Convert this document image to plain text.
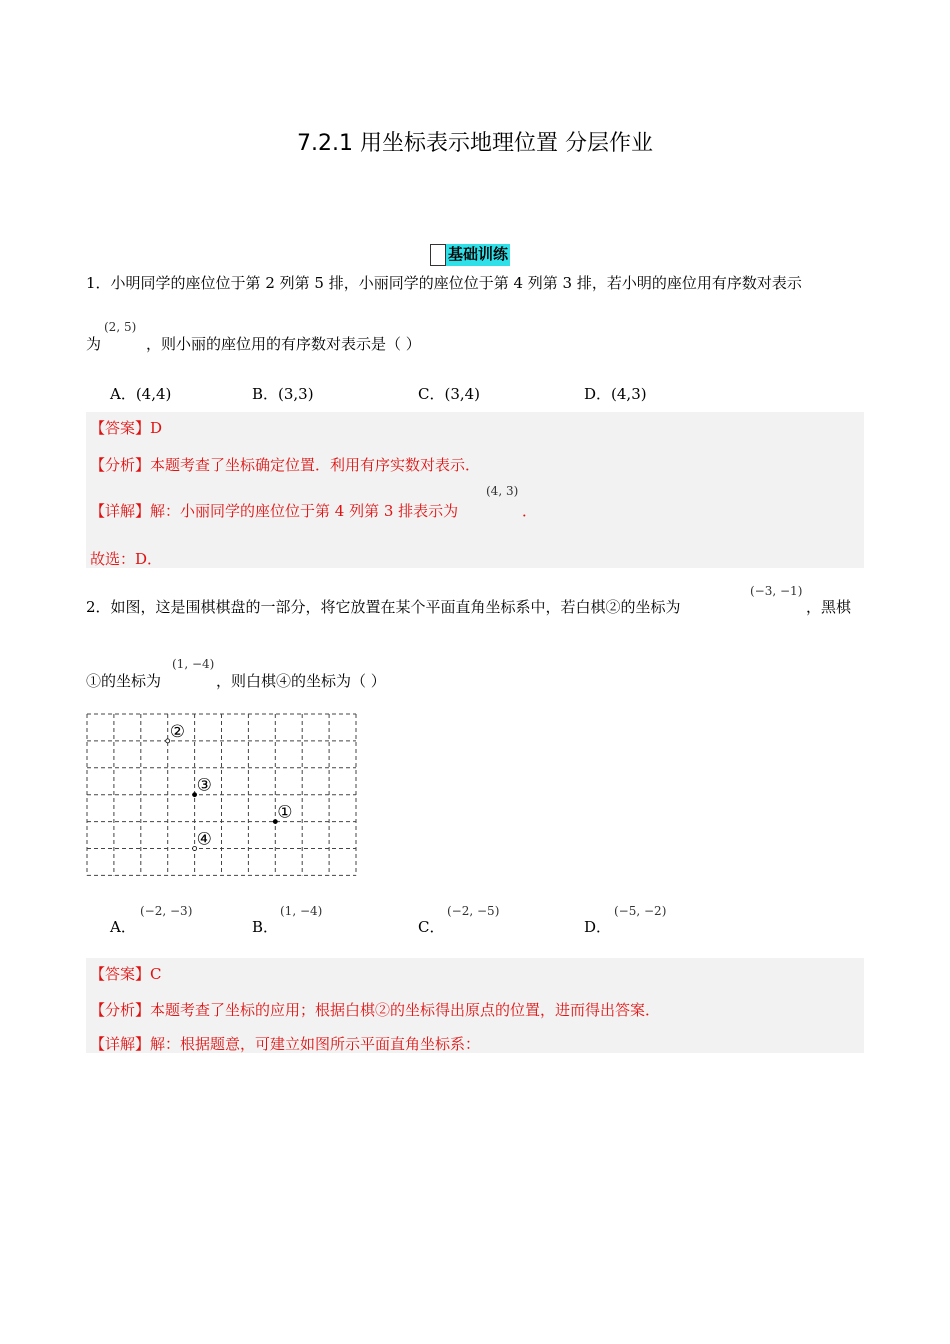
7.2.1 用坐标表示地理位置 分层作业
基础训练
1．小明同学的座位位于第 2 列第 5 排，小丽同学的座位位于第 4 列第 3 排，若小明的座位用有序数对表示
为
(2, 5)
，则小丽的座位用的有序数对表示是（ ）
A．(4,4)	B．(3,3)	C．(3,4)	D．(4,3)
【答案】D
【分析】本题考查了坐标确定位置．利用有序实数对表示．
【详解】解：小丽同学的座位位于第 4 列第 3 排表示为
(4, 3)
．
故选：D．
2．如图，这是围棋棋盘的一部分，将它放置在某个平面直角坐标系中，若白棋②的坐标为
(−3, −1)
，黑棋
①的坐标为
(1, −4)
，则白棋④的坐标为（ ）
②
③
①
④
A．
(−2, −3)
B．
(1, −4)
C．
(−2, −5)
D．
(−5, −2)
【答案】C
【分析】本题考查了坐标的应用；根据白棋②的坐标得出原点的位置，进而得出答案．
【详解】解：根据题意，可建立如图所示平面直角坐标系：
